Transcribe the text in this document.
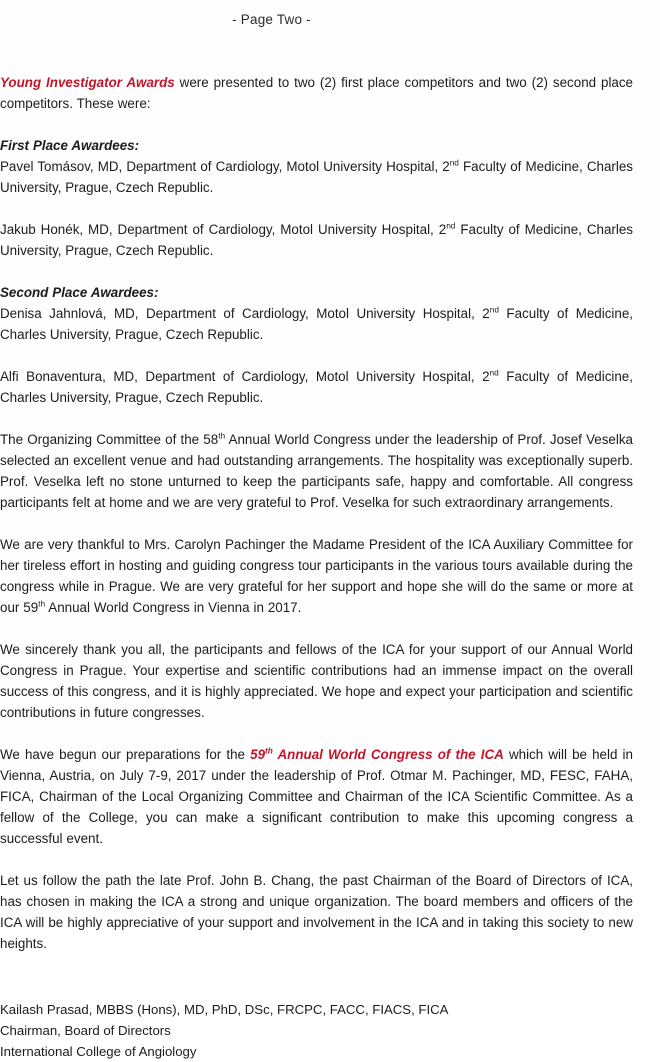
- Page Two -

Young Investigator Awards were presented to two (2) first place competitors and two (2) second place competitors. These were:

First Place Awardees:

Pavel Tomásov, MD, Department of Cardiology, Motol University Hospital, 2nd Faculty of Medicine, Charles University, Prague, Czech Republic.

Jakub Honék, MD, Department of Cardiology, Motol University Hospital, 2nd Faculty of Medicine, Charles University, Prague, Czech Republic.

Second Place Awardees:

Denisa Jahnlová, MD, Department of Cardiology, Motol University Hospital, 2nd Faculty of Medicine, Charles University, Prague, Czech Republic.

Alfi Bonaventura, MD, Department of Cardiology, Motol University Hospital, 2nd Faculty of Medicine, Charles University, Prague, Czech Republic.

The Organizing Committee of the 58th Annual World Congress under the leadership of Prof. Josef Veselka selected an excellent venue and had outstanding arrangements. The hospitality was exceptionally superb. Prof. Veselka left no stone unturned to keep the participants safe, happy and comfortable. All congress participants felt at home and we are very grateful to Prof. Veselka for such extraordinary arrangements.

We are very thankful to Mrs. Carolyn Pachinger the Madame President of the ICA Auxiliary Committee for her tireless effort in hosting and guiding congress tour participants in the various tours available during the congress while in Prague. We are very grateful for her support and hope she will do the same or more at our 59th Annual World Congress in Vienna in 2017.

We sincerely thank you all, the participants and fellows of the ICA for your support of our Annual World Congress in Prague. Your expertise and scientific contributions had an immense impact on the overall success of this congress, and it is highly appreciated. We hope and expect your participation and scientific contributions in future congresses.

We have begun our preparations for the 59th Annual World Congress of the ICA which will be held in Vienna, Austria, on July 7-9, 2017 under the leadership of Prof. Otmar M. Pachinger, MD, FESC, FAHA, FICA, Chairman of the Local Organizing Committee and Chairman of the ICA Scientific Committee. As a fellow of the College, you can make a significant contribution to make this upcoming congress a successful event.

Let us follow the path the late Prof. John B. Chang, the past Chairman of the Board of Directors of ICA, has chosen in making the ICA a strong and unique organization. The board members and officers of the ICA will be highly appreciative of your support and involvement in the ICA and in taking this society to new heights.

Kailash Prasad, MBBS (Hons), MD, PhD, DSc, FRCPC, FACC, FIACS, FICA

Chairman, Board of Directors

International College of Angiology
